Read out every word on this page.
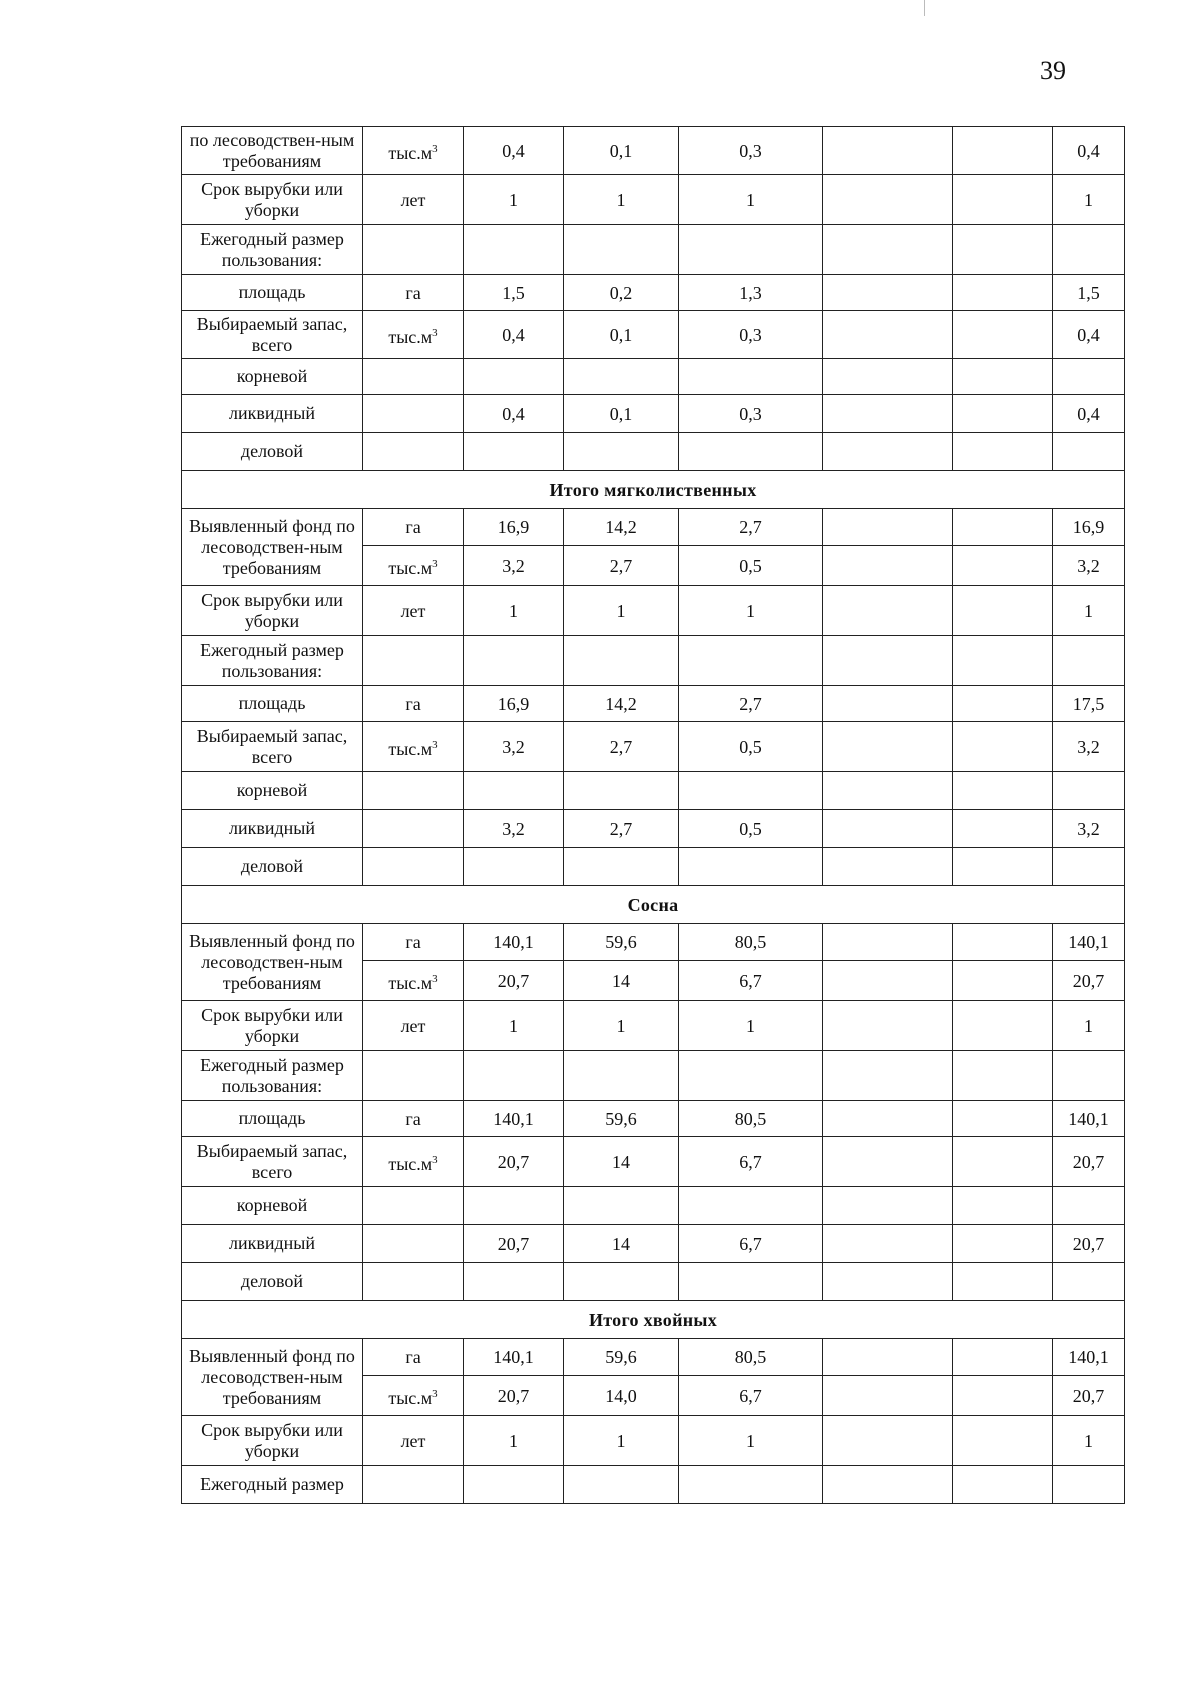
39
по лесоводствен-ным требованиям	$тыс.м^3$	0,4	0,1	0,3			0,4
Срок вырубки или уборки	лет	1	1	1			1
Ежегодный размер пользования:							
площадь	га	1,5	0,2	1,3			1,5
Выбираемый запас, всего	$тыс.м^3$	0,4	0,1	0,3			0,4
корневой							
ликвидный		0,4	0,1	0,3			0,4
деловой							
Итого мягколиственных							
Выявленный фонд по лесоводствен-ным требованиям	га	16,9	14,2	2,7			16,9
	$тыс.м^3$	3,2	2,7	0,5			3,2
Срок вырубки или уборки	лет	1	1	1			1
Ежегодный размер пользования:							
площадь	га	16,9	14,2	2,7			17,5
Выбираемый запас, всего	$тыс.м^3$	3,2	2,7	0,5			3,2
корневой							
ликвидный		3,2	2,7	0,5			3,2
деловой							
Сосна							
Выявленный фонд по лесоводствен-ным требованиям	га	140,1	59,6	80,5			140,1
	$тыс.м^3$	20,7	14	6,7			20,7
Срок вырубки или уборки	лет	1	1	1			1
Ежегодный размер пользования:							
площадь	га	140,1	59,6	80,5			140,1
Выбираемый запас, всего	$тыс.м^3$	20,7	14	6,7			20,7
корневой							
ликвидный		20,7	14	6,7			20,7
деловой							
Итого хвойных							
Выявленный фонд по лесоводствен-ным требованиям	га	140,1	59,6	80,5			140,1
	$тыс.м^3$	20,7	14,0	6,7			20,7
Срок вырубки или уборки	лет	1	1	1			1
Ежегодный размер							
